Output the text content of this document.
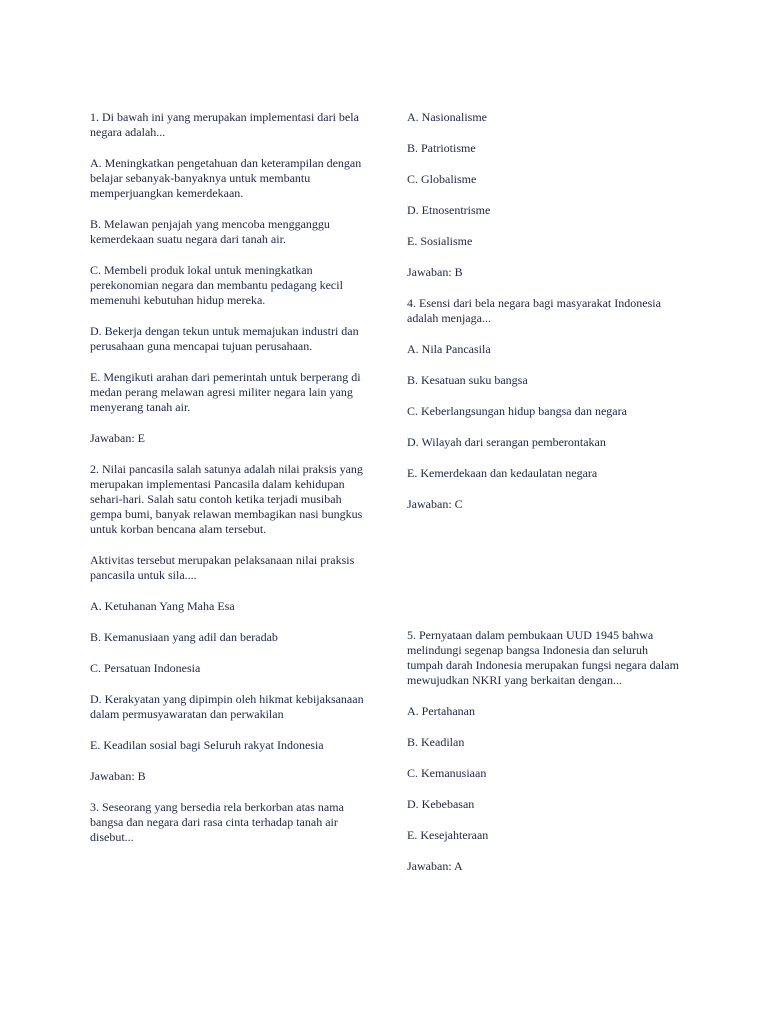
1. Di bawah ini yang merupakan implementasi dari bela negara adalah...

A. Meningkatkan pengetahuan dan keterampilan dengan belajar sebanyak-banyaknya untuk membantu memperjuangkan kemerdekaan.

B. Melawan penjajah yang mencoba mengganggu kemerdekaan suatu negara dari tanah air.

C. Membeli produk lokal untuk meningkatkan perekonomian negara dan membantu pedagang kecil memenuhi kebutuhan hidup mereka.

D. Bekerja dengan tekun untuk memajukan industri dan perusahaan guna mencapai tujuan perusahaan.

E. Mengikuti arahan dari pemerintah untuk berperang di medan perang melawan agresi militer negara lain yang menyerang tanah air.

Jawaban: E

2. Nilai pancasila salah satunya adalah nilai praksis yang merupakan implementasi Pancasila dalam kehidupan sehari-hari. Salah satu contoh ketika terjadi musibah gempa bumi, banyak relawan membagikan nasi bungkus untuk korban bencana alam tersebut.

Aktivitas tersebut merupakan pelaksanaan nilai praksis pancasila untuk sila....

A. Ketuhanan Yang Maha Esa

B. Kemanusiaan yang adil dan beradab

C. Persatuan Indonesia

D. Kerakyatan yang dipimpin oleh hikmat kebijaksanaan dalam permusyawaratan dan perwakilan

E. Keadilan sosial bagi Seluruh rakyat Indonesia

Jawaban: B

3. Seseorang yang bersedia rela berkorban atas nama bangsa dan negara dari rasa cinta terhadap tanah air disebut...

A. Nasionalisme

B. Patriotisme

C. Globalisme

D. Etnosentrisme

E. Sosialisme

Jawaban: B

4. Esensi dari bela negara bagi masyarakat Indonesia adalah menjaga...

A. Nila Pancasila

B. Kesatuan suku bangsa

C. Keberlangsungan hidup bangsa dan negara

D. Wilayah dari serangan pemberontakan

E. Kemerdekaan dan kedaulatan negara

Jawaban: C

5. Pernyataan dalam pembukaan UUD 1945 bahwa melindungi segenap bangsa Indonesia dan seluruh tumpah darah Indonesia merupakan fungsi negara dalam mewujudkan NKRI yang berkaitan dengan...

A. Pertahanan

B. Keadilan

C. Kemanusiaan

D. Kebebasan

E. Kesejahteraan

Jawaban: A
